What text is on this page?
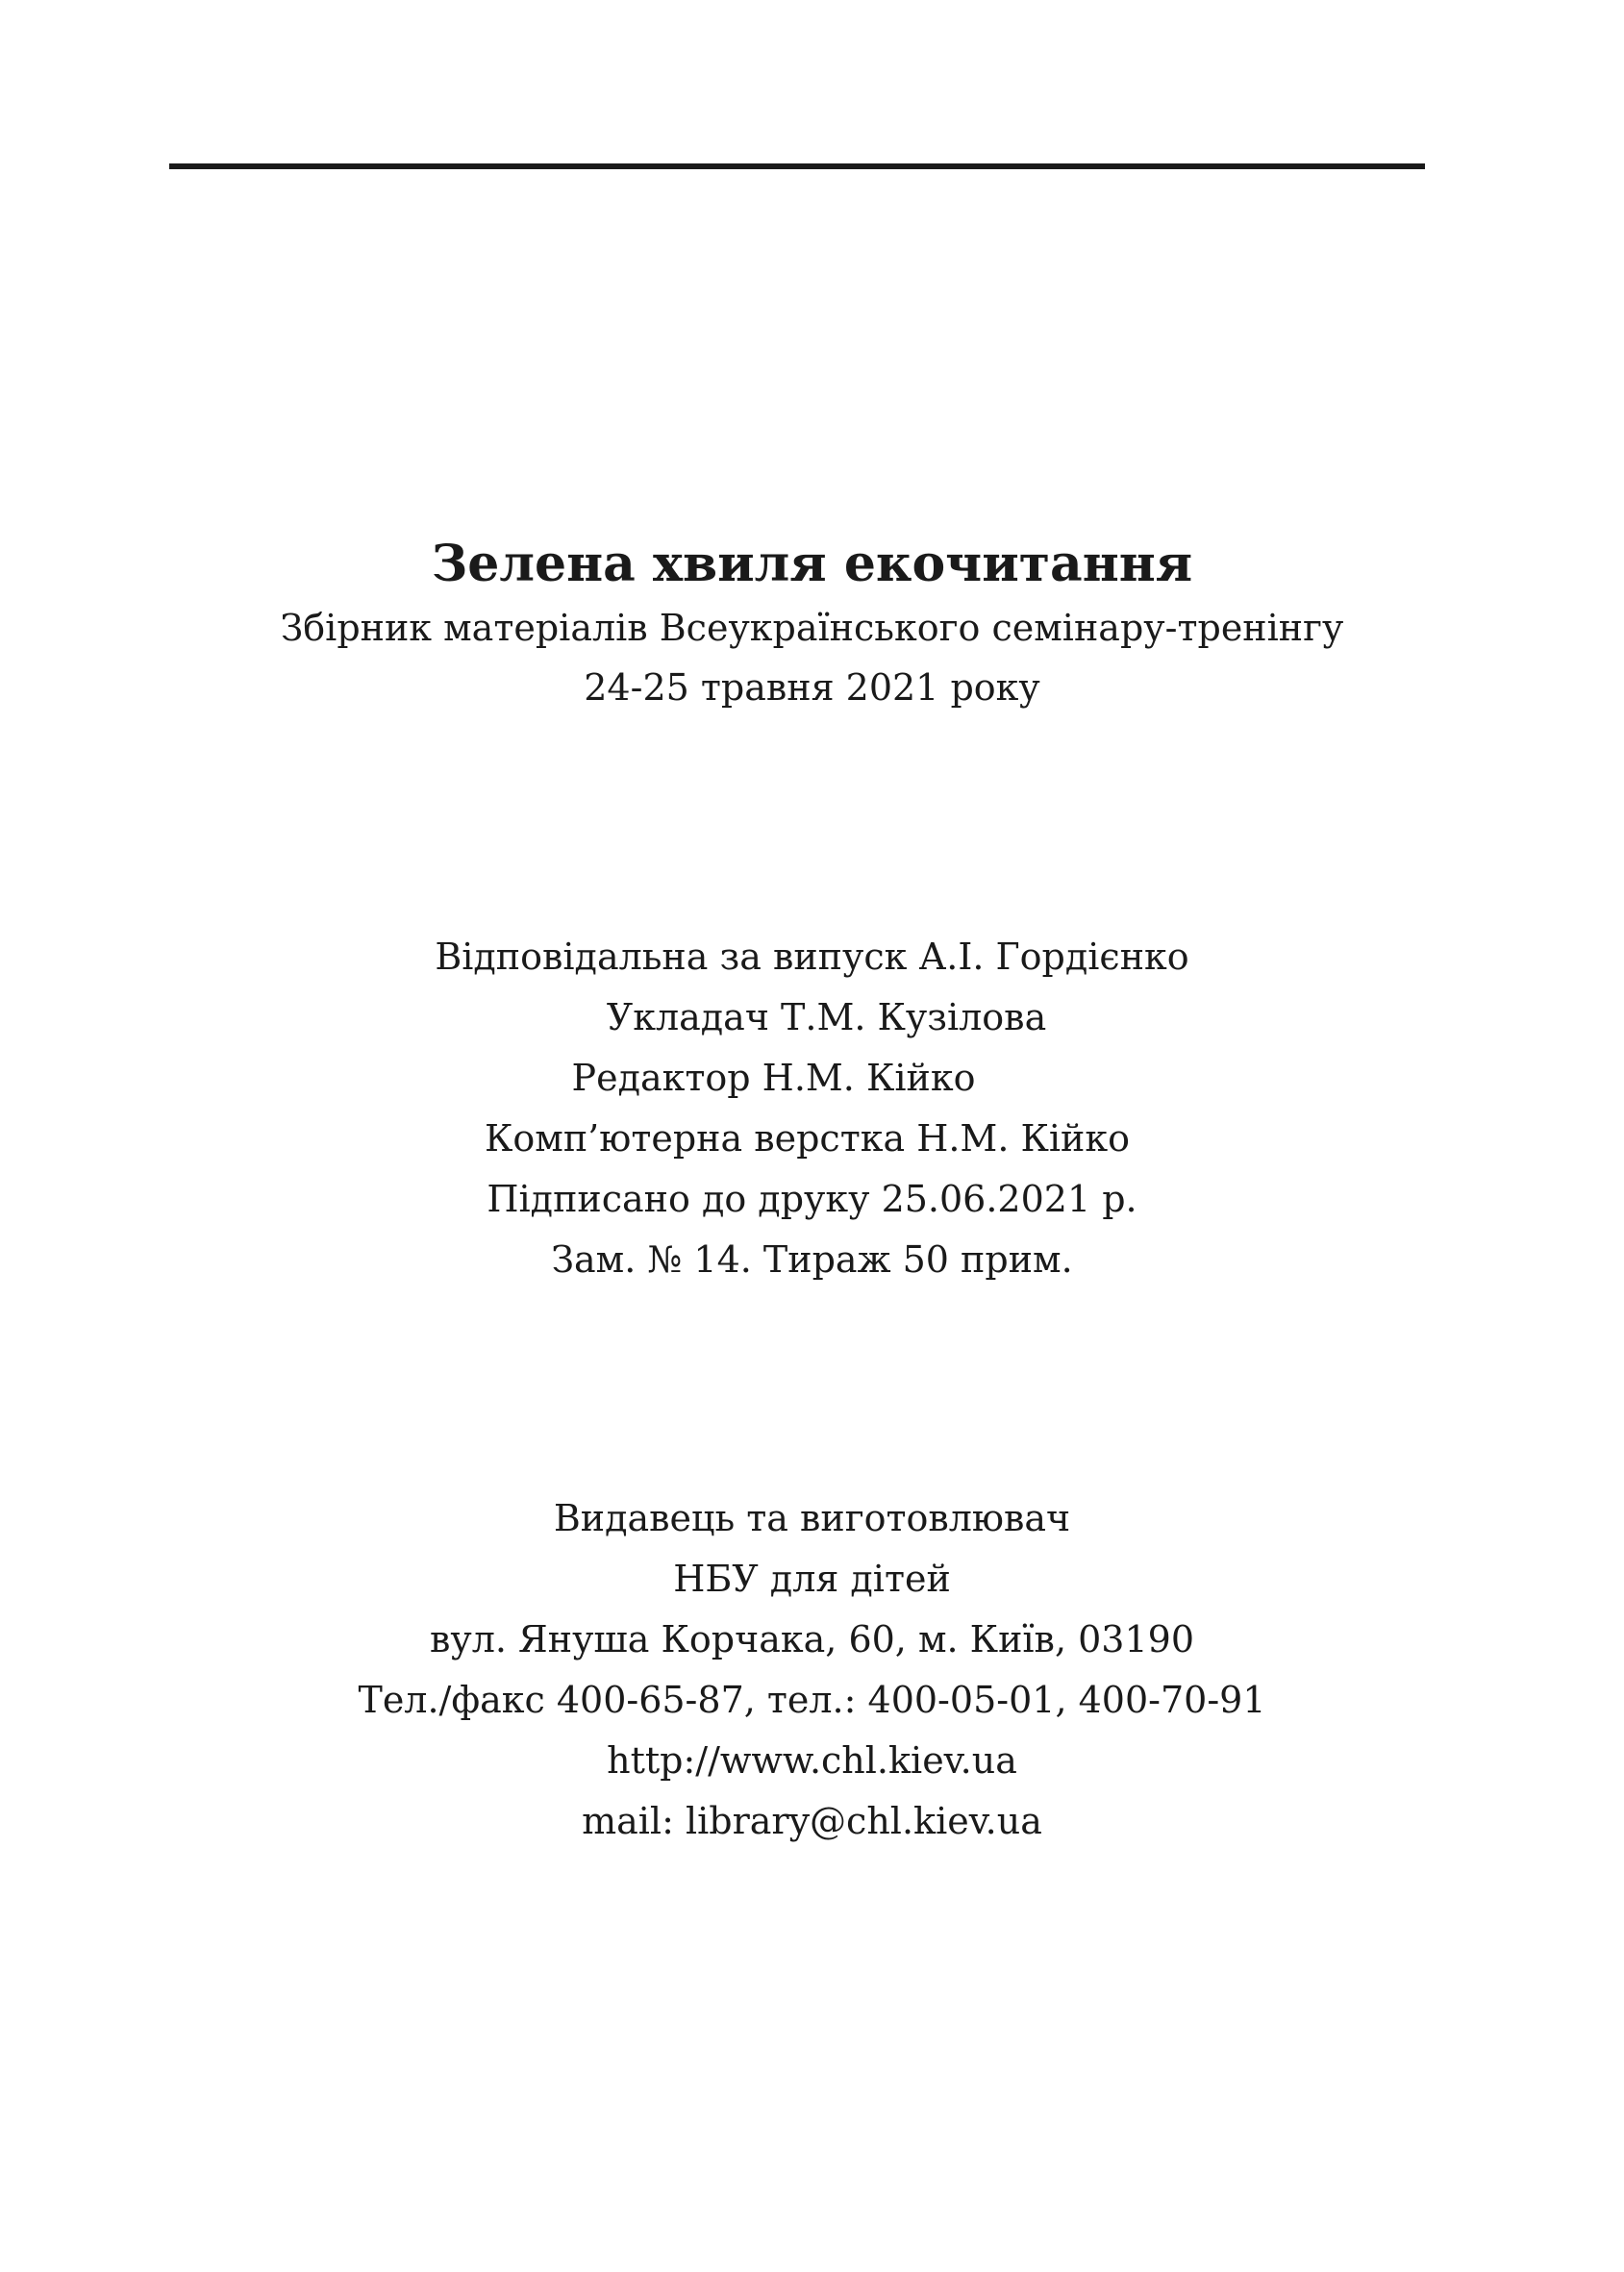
Зелена хвиля екочитання

Збірник матеріалів Всеукраїнського семінару-тренінгу

24-25 травня 2021 року

Відповідальна за випуск А.І. Гордієнко
Укладач Т.М. Кузілова
Редактор Н.М. Кійко
Комп’ютерна верстка Н.М. Кійко
Підписано до друку 25.06.2021 р.
Зам. № 14. Тираж 50 прим.
Видавець та виготовлювач
НБУ для дітей
вул. Януша Корчака, 60, м. Київ, 03190
Тел./факс 400-65-87, тел.: 400-05-01, 400-70-91
http://www.chl.kiev.ua
mail: library@chl.kiev.ua
